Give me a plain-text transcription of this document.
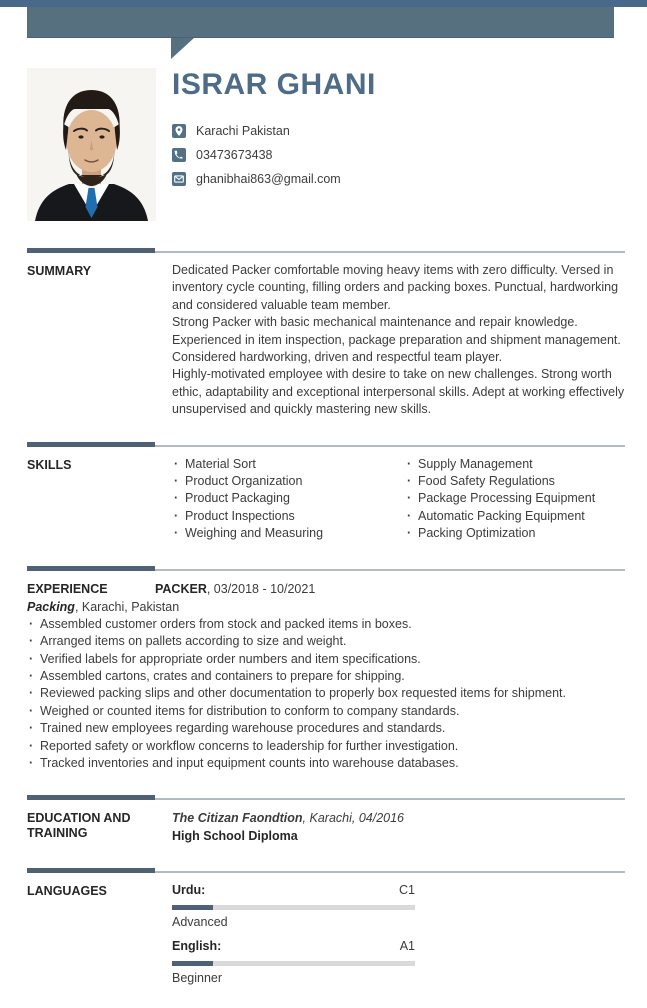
ISRAR GHANI
Karachi Pakistan
03473673438
ghanibhai863@gmail.com
SUMMARY	Dedicated Packer comfortable moving heavy items with zero difficulty. Versed in inventory cycle counting, filling orders and packing boxes. Punctual, hardworking and considered valuable team member.

Strong Packer with basic mechanical maintenance and repair knowledge. Experienced in item inspection, package preparation and shipment management. Considered hardworking, driven and respectful team player.

Highly-motivated employee with desire to take on new challenges. Strong worth ethic, adaptability and exceptional interpersonal skills. Adept at working effectively unsupervised and quickly mastering new skills.

SKILLS	· Material Sort
· Product Organization
· Product Packaging
· Product Inspections
· Weighing and Measuring
· Supply Management
· Food Safety Regulations
· Package Processing Equipment
· Automatic Packing Equipment
· Packing Optimization
EXPERIENCE	PACKER, 03/2018 - 10/2021
Packing, Karachi, Pakistan
· Assembled customer orders from stock and packed items in boxes.
· Arranged items on pallets according to size and weight.
· Verified labels for appropriate order numbers and item specifications.
· Assembled cartons, crates and containers to prepare for shipping.
· Reviewed packing slips and other documentation to properly box requested items for shipment.
· Weighed or counted items for distribution to conform to company standards.
· Trained new employees regarding warehouse procedures and standards.
· Reported safety or workflow concerns to leadership for further investigation.
· Tracked inventories and input equipment counts into warehouse databases.
EDUCATION AND TRAINING
The Citizan Faondtion, Karachi, 04/2016
High School Diploma
LANGUAGES	Urdu:	C1
Advanced
English:	A1
Beginner
